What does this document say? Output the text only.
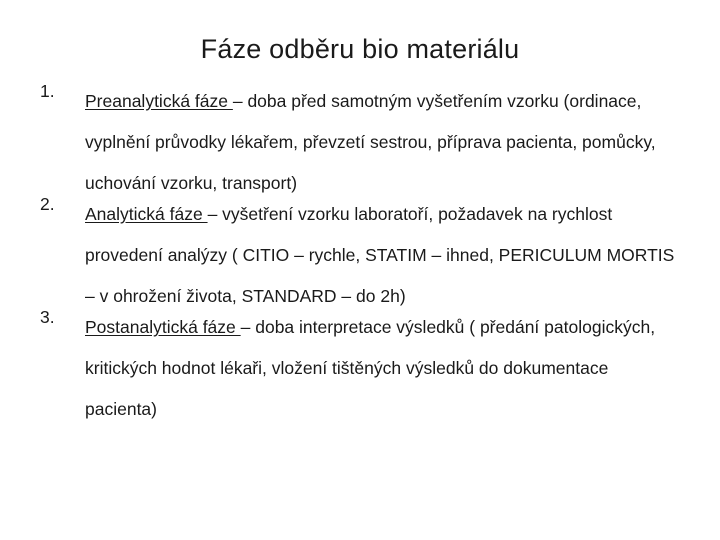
Fáze odběru bio materiálu
1. Preanalytická fáze – doba před samotným vyšetřením vzorku (ordinace, vyplnění průvodky lékařem, převzetí sestrou, příprava pacienta, pomůcky, uchování vzorku, transport)
2. Analytická fáze – vyšetření vzorku laboratoří, požadavek na rychlost provedení analýzy ( CITIO – rychle, STATIM – ihned, PERICULUM MORTIS – v ohrožení života, STANDARD – do 2h)
3. Postanalytická fáze – doba interpretace výsledků ( předání patologických, kritických hodnot lékaři, vložení tištěných výsledků do dokumentace pacienta)
